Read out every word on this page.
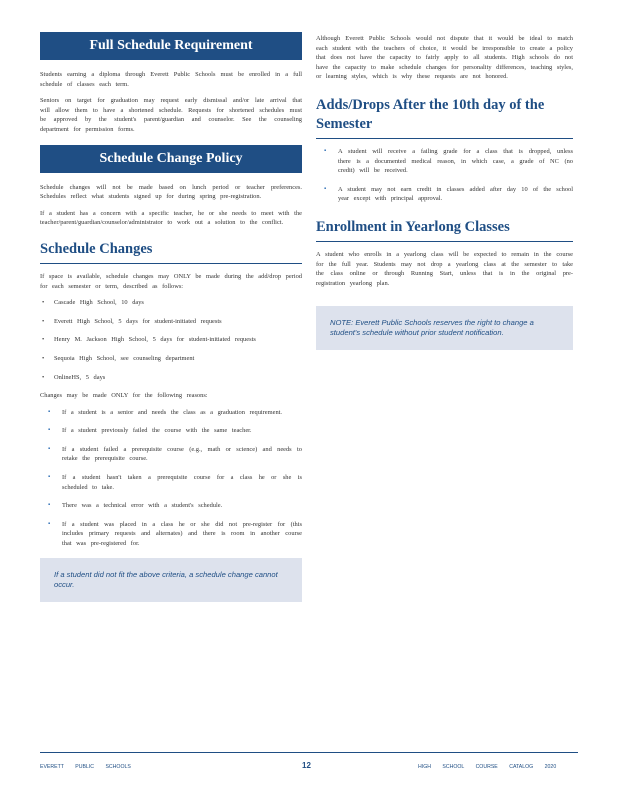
Full Schedule Requirement

Students earning a diploma through Everett Public Schools must be enrolled in a full schedule of classes each term.

Seniors on target for graduation may request early dismissal and/or late arrival that will allow them to have a shortened schedule. Requests for shortened schedules must be approved by the student's parent/guardian and counselor. See the counseling department for permission forms.

Schedule Change Policy

Schedule changes will not be made based on lunch period or teacher preferences. Schedules reflect what students signed up for during spring pre-registration.

If a student has a concern with a specific teacher, he or she needs to meet with the teacher/parent/guardian/counselor/administrator to work out a solution to the conflict.

Schedule Changes

If space is available, schedule changes may ONLY be made during the add/drop period for each semester or term, described as follows:

• Cascade High School, 10 days
• Everett High School, 5 days for student-initiated requests
• Henry M. Jackson High School, 5 days for student-initiated requests
• Sequoia High School, see counseling department
• OnlineHS, 5 days

Changes may be made ONLY for the following reasons:

▪ If a student is a senior and needs the class as a graduation requirement.
▪ If a student previously failed the course with the same teacher.
▪ If a student failed a prerequisite course (e.g., math or science) and needs to retake the prerequisite course.
▪ If a student hasn't taken a prerequisite course for a class he or she is scheduled to take.
▪ There was a technical error with a student's schedule.
▪ If a student was placed in a class he or she did not pre-register for (this includes primary requests and alternates) and there is room in another course that was pre-registered for.
If a student did not fit the above criteria, a schedule change cannot occur.

Although Everett Public Schools would not dispute that it would be ideal to match each student with the teachers of choice, it would be irresponsible to create a policy that does not have the capacity to fairly apply to all students. High schools do not have the capacity to make schedule changes for personality differences, teaching styles, or learning styles, which is why these requests are not honored.

Adds/Drops After the 10th day of the Semester
▪ A student will receive a failing grade for a class that is dropped, unless there is a documented medical reason, in which case, a grade of NC (no credit) will be received.
▪ A student may not earn credit in classes added after day 10 of the school year except with principal approval.
Enrollment in Yearlong Classes

A student who enrolls in a yearlong class will be expected to remain in the course for the full year. Students may not drop a yearlong class at the semester to take the class online or through Running Start, unless that is in the original pre-registration yearlong plan.

NOTE: Everett Public Schools reserves the right to change a student's schedule without prior student notification.
EVERETT PUBLIC SCHOOLS	12	HIGH SCHOOL COURSE CATALOG 2020
